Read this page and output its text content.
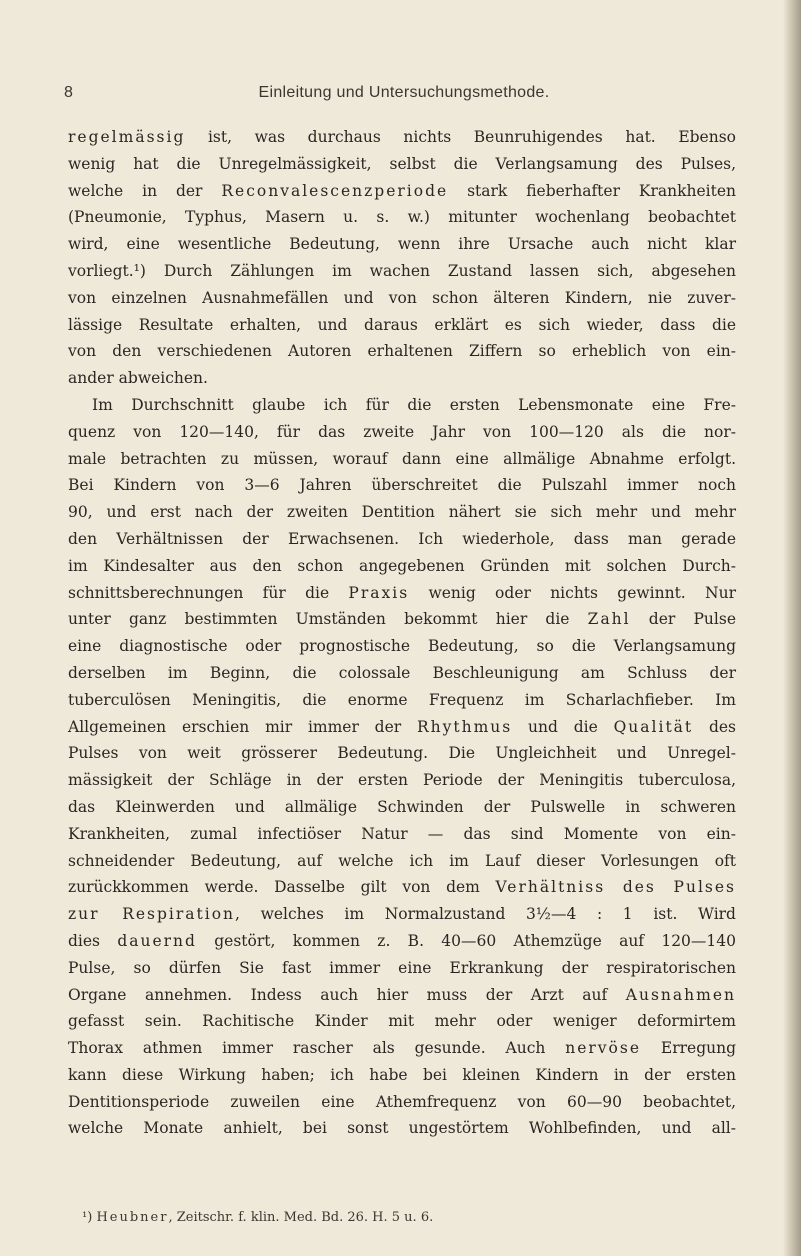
8	Einleitung und Untersuchungsmethode.
regelmässig ist, was durchaus nichts Beunruhigendes hat. Ebenso
wenig hat die Unregelmässigkeit, selbst die Verlangsamung des Pulses,
welche in der Reconvalescenzperiode stark fieberhafter Krankheiten
(Pneumonie, Typhus, Masern u. s. w.) mitunter wochenlang beobachtet
wird, eine wesentliche Bedeutung, wenn ihre Ursache auch nicht klar
vorliegt.¹) Durch Zählungen im wachen Zustand lassen sich, abgesehen
von einzelnen Ausnahmefällen und von schon älteren Kindern, nie zuver-
lässige Resultate erhalten, und daraus erklärt es sich wieder, dass die
von den verschiedenen Autoren erhaltenen Ziffern so erheblich von ein-
ander abweichen.
Im Durchschnitt glaube ich für die ersten Lebensmonate eine Fre-
quenz von 120—140, für das zweite Jahr von 100—120 als die nor-
male betrachten zu müssen, worauf dann eine allmälige Abnahme erfolgt.
Bei Kindern von 3—6 Jahren überschreitet die Pulszahl immer noch
90, und erst nach der zweiten Dentition nähert sie sich mehr und mehr
den Verhältnissen der Erwachsenen. Ich wiederhole, dass man gerade
im Kindesalter aus den schon angegebenen Gründen mit solchen Durch-
schnittsberechnungen für die Praxis wenig oder nichts gewinnt. Nur
unter ganz bestimmten Umständen bekommt hier die Zahl der Pulse
eine diagnostische oder prognostische Bedeutung, so die Verlangsamung
derselben im Beginn, die colossale Beschleunigung am Schluss der
tuberculösen Meningitis, die enorme Frequenz im Scharlachfieber. Im
Allgemeinen erschien mir immer der Rhythmus und die Qualität des
Pulses von weit grösserer Bedeutung. Die Ungleichheit und Unregel-
mässigkeit der Schläge in der ersten Periode der Meningitis tuberculosa,
das Kleinwerden und allmälige Schwinden der Pulswelle in schweren
Krankheiten, zumal infectiöser Natur — das sind Momente von ein-
schneidender Bedeutung, auf welche ich im Lauf dieser Vorlesungen oft
zurückkommen werde. Dasselbe gilt von dem Verhältniss des Pulses
zur Respiration, welches im Normalzustand 3½—4 : 1 ist. Wird
dies dauernd gestört, kommen z. B. 40—60 Athemzüge auf 120—140
Pulse, so dürfen Sie fast immer eine Erkrankung der respiratorischen
Organe annehmen. Indess auch hier muss der Arzt auf Ausnahmen
gefasst sein. Rachitische Kinder mit mehr oder weniger deformirtem
Thorax athmen immer rascher als gesunde. Auch nervöse Erregung
kann diese Wirkung haben; ich habe bei kleinen Kindern in der ersten
Dentitionsperiode zuweilen eine Athemfrequenz von 60—90 beobachtet,
welche Monate anhielt, bei sonst ungestörtem Wohlbefinden, und all-
¹) Heubner, Zeitschr. f. klin. Med. Bd. 26. H. 5 u. 6.
